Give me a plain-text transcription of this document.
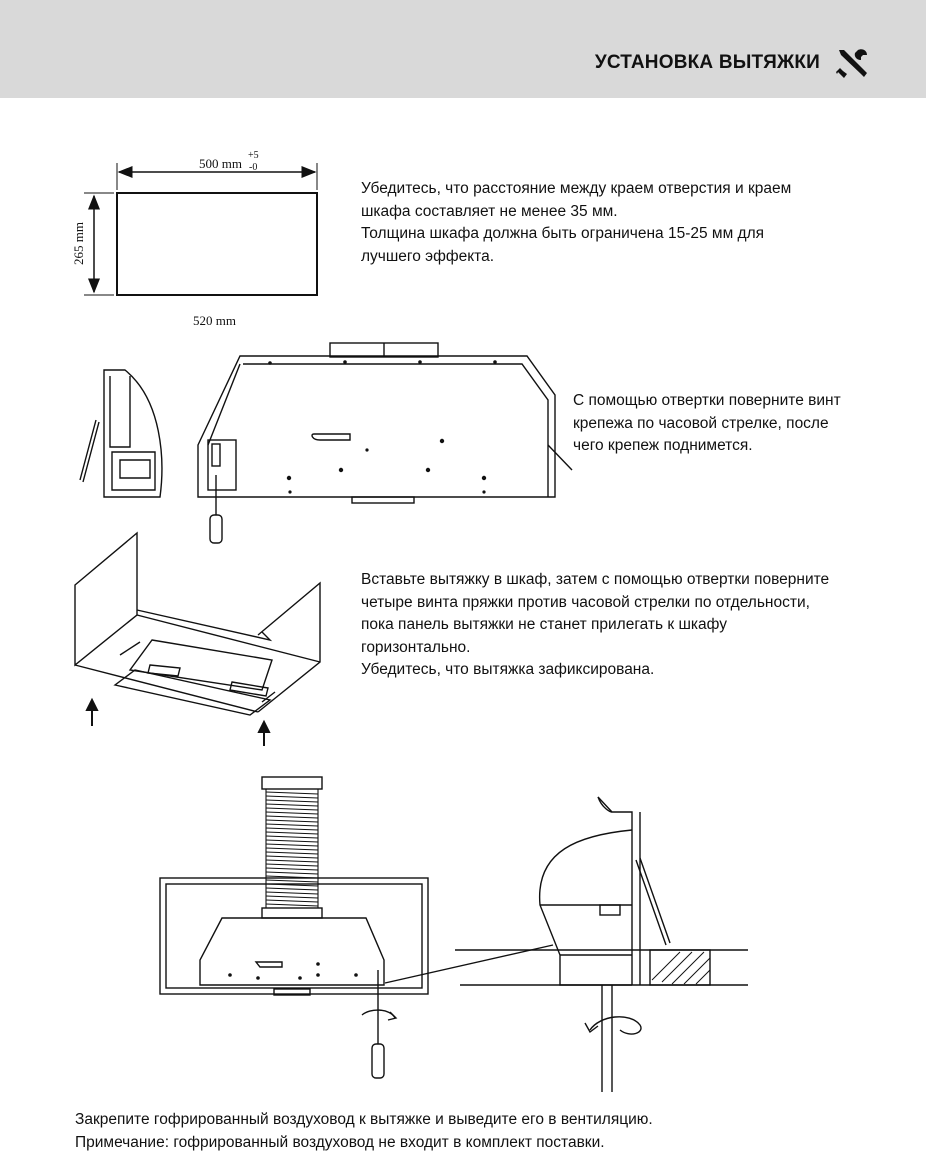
УСТАНОВКА ВЫТЯЖКИ
500 mm
+5
-0
265 mm
520 mm
Убедитесь, что расстояние между краем отверстия и краем
шкафа составляет не менее 35 мм.
Толщина шкафа должна быть ограничена 15-25 мм для
лучшего эффекта.
С помощью отвертки поверните винт
крепежа по часовой стрелке, после
чего крепеж поднимется.
Вставьте вытяжку в шкаф, затем с помощью отвертки поверните
четыре винта пряжки против часовой стрелки по отдельности,
пока панель вытяжки не станет прилегать к шкафу
горизонтально.
Убедитесь, что вытяжка зафиксирована.
Закрепите гофрированный воздуховод к вытяжке и выведите его в вентиляцию.
Примечание: гофрированный воздуховод не входит в комплект поставки.
